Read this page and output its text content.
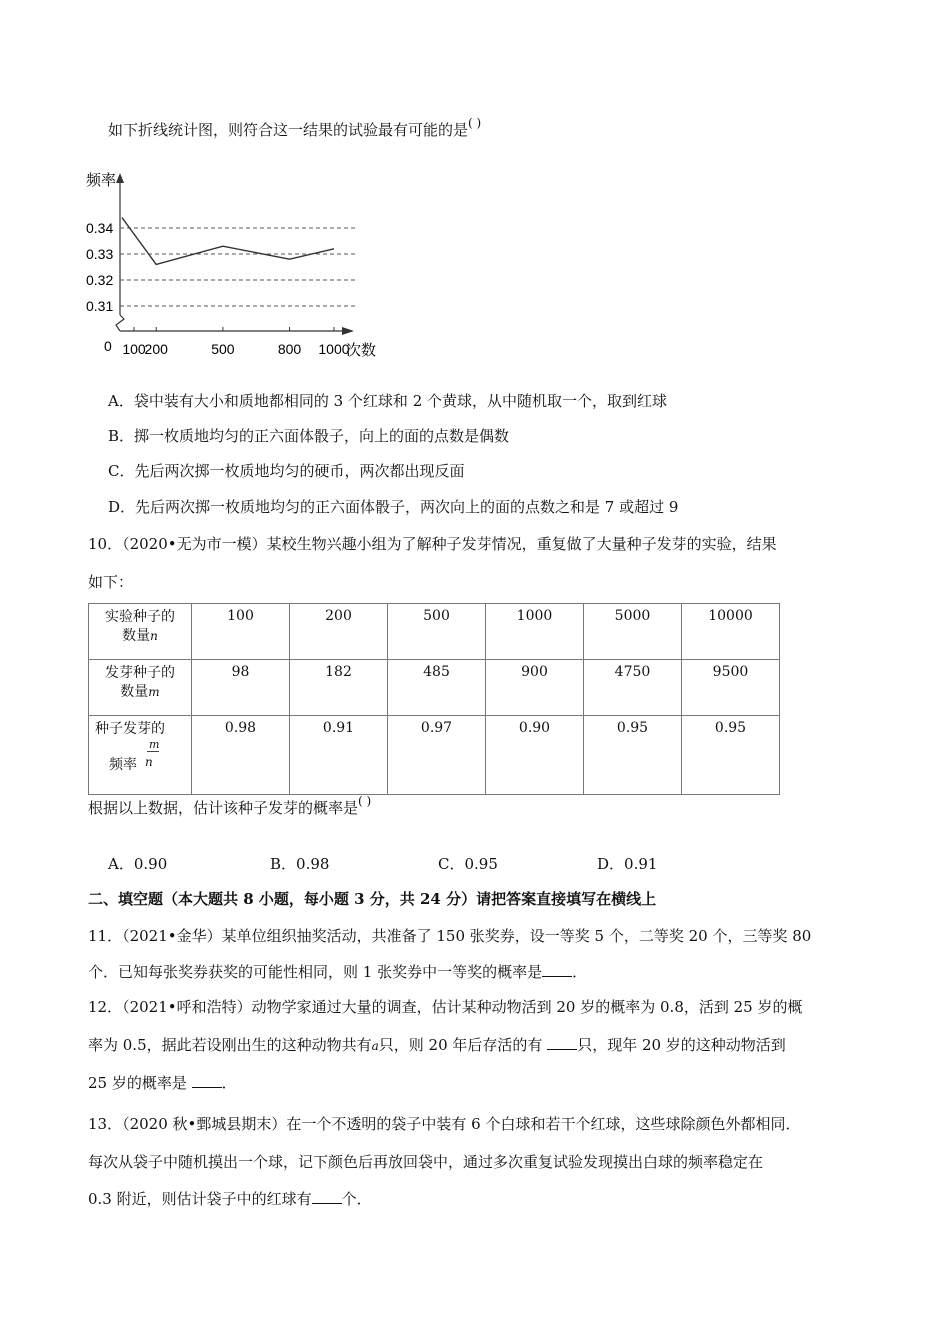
如下折线统计图，则符合这一结果的试验最有可能的是( )
0.34
0.33
0.32
0.31
100
200	500	800 1000
频率
次数
0
A．袋中装有大小和质地都相同的 3 个红球和 2 个黄球，从中随机取一个，取到红球
B．掷一枚质地均匀的正六面体骰子，向上的面的点数是偶数
C．先后两次掷一枚质地均匀的硬币，两次都出现反面
D．先后两次掷一枚质地均匀的正六面体骰子，两次向上的面的点数之和是 7 或超过 9
10．（2020•无为市一模）某校生物兴趣小组为了解种子发芽情况，重复做了大量种子发芽的实验，结果
如下：
实验种子的
数量n	100	200	500	1000	5000	10000
发芽种子的
数量m	98	182	485	900	4750	9500
种子发芽的
m
频率 n	0.98	0.91	0.97	0.90	0.95	0.95
根据以上数据，估计该种子发芽的概率是( )
A．0.90	B．0.98	C．0.95	D．0.91
二、填空题（本大题共 8 小题，每小题 3 分，共 24 分）请把答案直接填写在横线上
11．（2021•金华）某单位组织抽奖活动，共准备了 150 张奖券，设一等奖 5 个，二等奖 20 个，三等奖 80
个．已知每张奖券获奖的可能性相同，则 1 张奖券中一等奖的概率是 ．
12．（2021•呼和浩特）动物学家通过大量的调查，估计某种动物活到 20 岁的概率为 0.8，活到 25 岁的概
率为 0.5，据此若设刚出生的这种动物共有a只，则 20 年后存活的有 只，现年 20 岁的这种动物活到
25 岁的概率是 ．
13．（2020 秋•鄄城县期末）在一个不透明的袋子中装有 6 个白球和若干个红球，这些球除颜色外都相同．
每次从袋子中随机摸出一个球，记下颜色后再放回袋中，通过多次重复试验发现摸出白球的频率稳定在
0.3 附近，则估计袋子中的红球有 个．
